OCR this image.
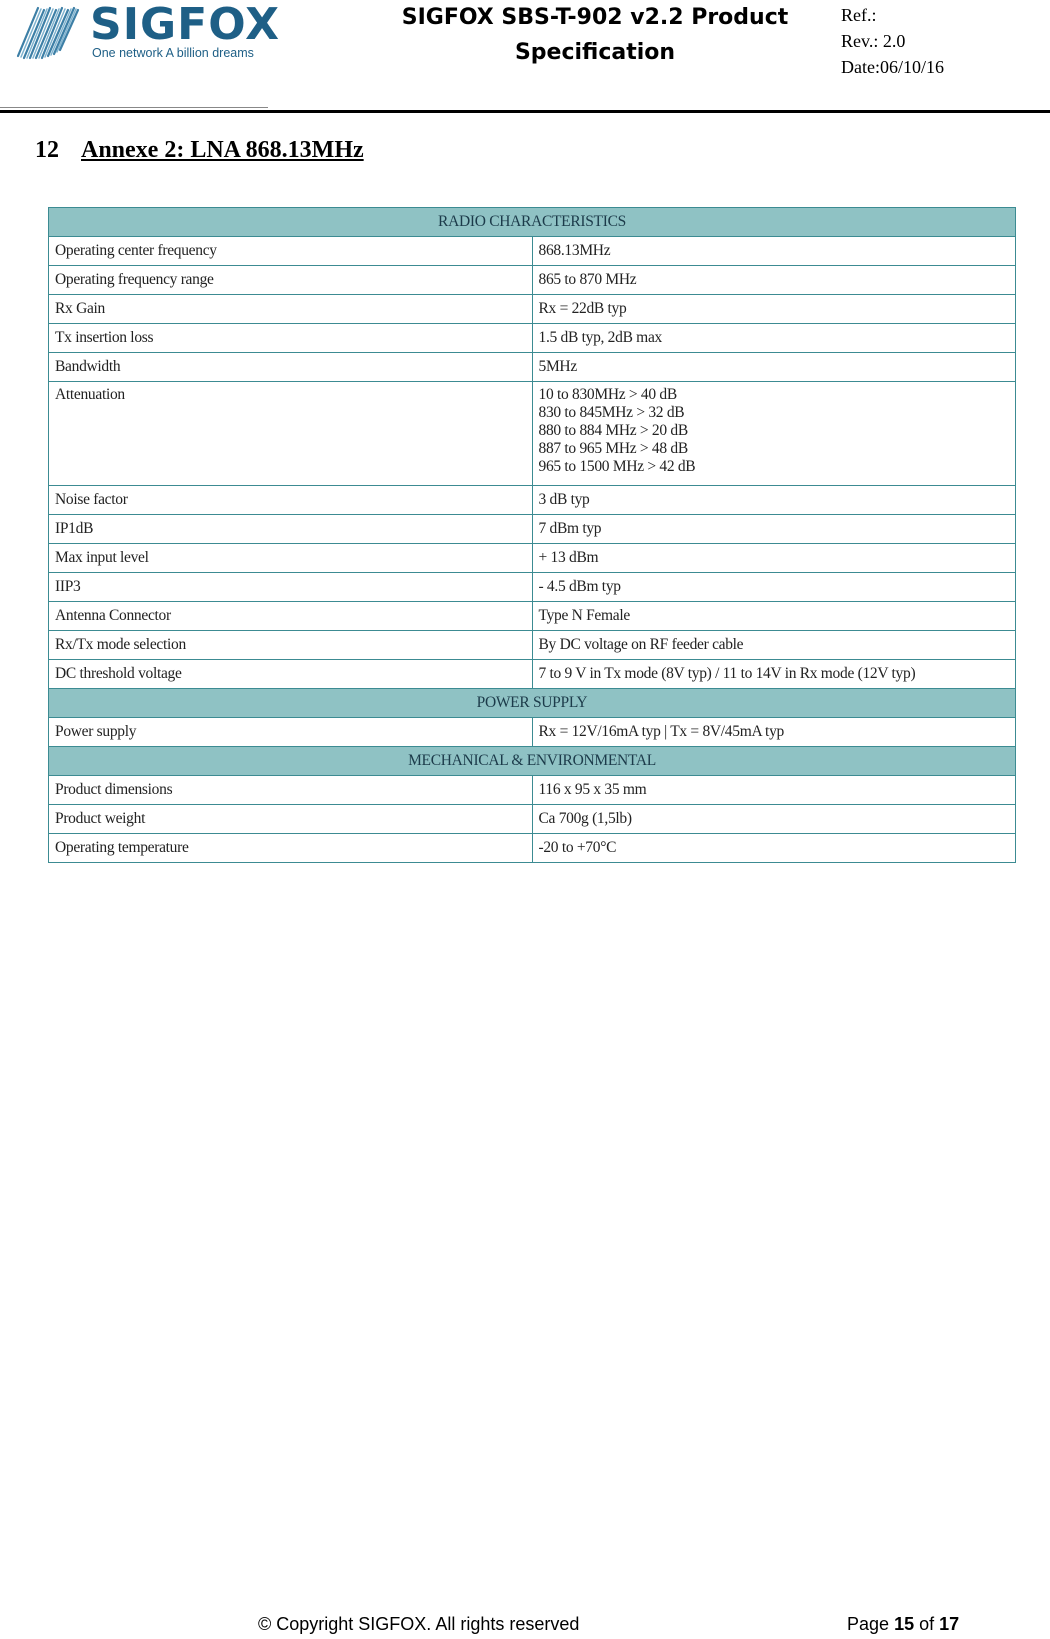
SIGFOX
One network A billion dreams
SIGFOX SBS-T-902 v2.2 Product
Specification
Ref.:
Rev.: 2.0
Date:06/10/16
12 Annexe 2: LNA 868.13MHz
RADIO CHARACTERISTICS	
Operating center frequency	868.13MHz
Operating frequency range	865 to 870 MHz
Rx Gain	Rx = 22dB typ
Tx insertion loss	1.5 dB typ, 2dB max
Bandwidth	5MHz
Attenuation	10 to 830MHz > 40 dB
830 to 845MHz > 32 dB
880 to 884 MHz > 20 dB
887 to 965 MHz > 48 dB
965 to 1500 MHz > 42 dB

Noise factor	3 dB typ
IP1dB	7 dBm typ
Max input level	+ 13 dBm
IIP3	- 4.5 dBm typ
Antenna Connector	Type N Female
Rx/Tx mode selection	By DC voltage on RF feeder cable
DC threshold voltage	7 to 9 V in Tx mode (8V typ) / 11 to 14V in Rx mode (12V typ)
POWER SUPPLY	
Power supply	Rx = 12V/16mA typ | Tx = 8V/45mA typ
MECHANICAL & ENVIRONMENTAL	
Product dimensions	116 x 95 x 35 mm
Product weight	Ca 700g (1,5lb)
Operating temperature	-20 to +70°C
© Copyright SIGFOX. All rights reserved	Page 15 of 17
